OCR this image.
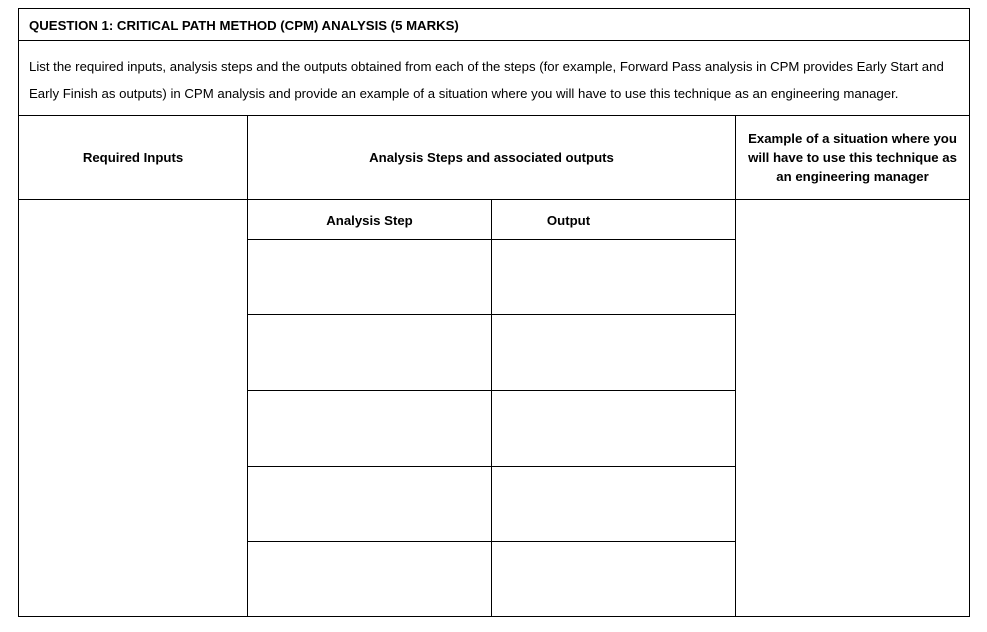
QUESTION 1: CRITICAL PATH METHOD (CPM) ANALYSIS (5 MARKS)
List the required inputs, analysis steps and the outputs obtained from each of the steps (for example, Forward Pass analysis in CPM provides Early Start and Early Finish as outputs) in CPM analysis and provide an example of a situation where you will have to use this technique as an engineering manager.
Required Inputs	Analysis Steps and associated outputs
Example of a situation where you will have to use this technique as an engineering manager
Analysis Step	Output
